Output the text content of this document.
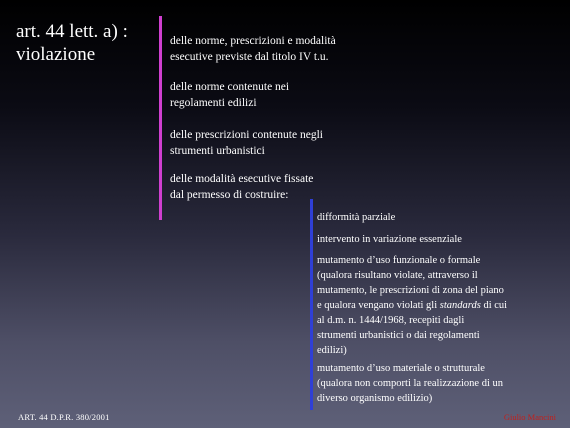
art. 44 lett. a) :
violazione
delle norme, prescrizioni e modalità
esecutive previste dal titolo IV t.u.
delle norme contenute nei
regolamenti edilizi
delle prescrizioni contenute negli
strumenti urbanistici
delle modalità esecutive fissate
dal permesso di costruire:
difformità parziale
intervento in variazione essenziale
mutamento d’uso funzionale o formale
(qualora risultano violate, attraverso il
mutamento, le prescrizioni di zona del piano
e qualora vengano violati gli standards di cui
al d.m. n. 1444/1968, recepiti dagli
strumenti urbanistici o dai regolamenti
edilizi)
mutamento d’uso materiale o strutturale
(qualora non comporti la realizzazione di un
diverso organismo edilizio)
ART. 44 D.P.R. 380/2001	Giulio Mancini
